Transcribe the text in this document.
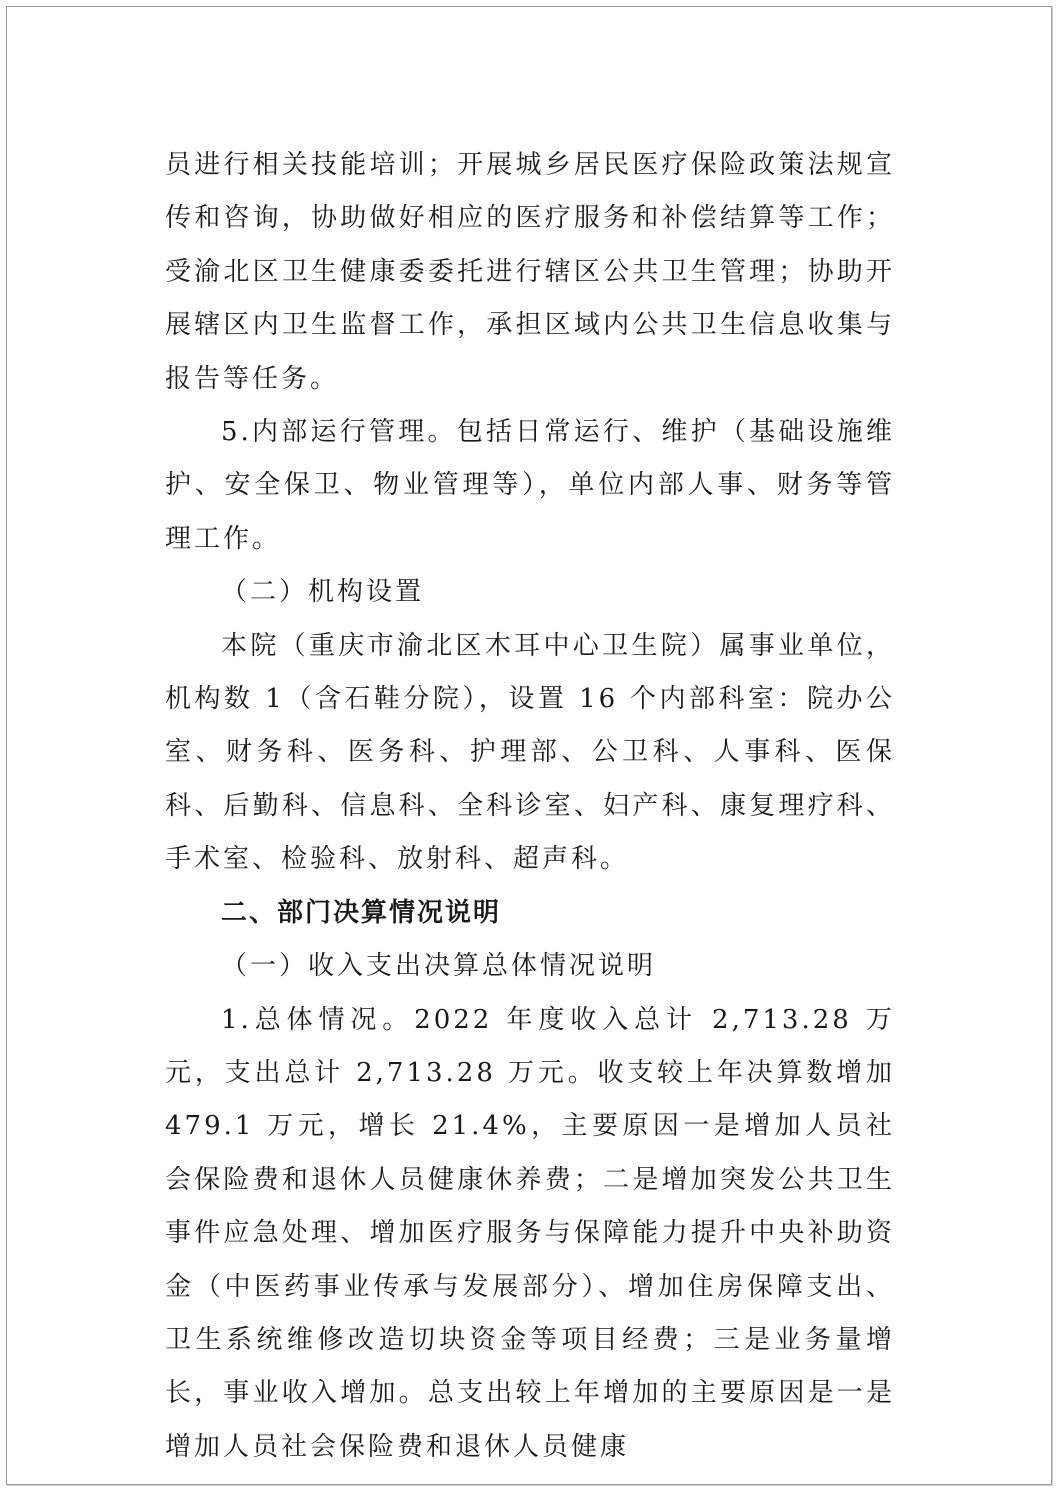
员进行相关技能培训；开展城乡居民医疗保险政策法规宣传和咨询，协助做好相应的医疗服务和补偿结算等工作；受渝北区卫生健康委委托进行辖区公共卫生管理；协助开展辖区内卫生监督工作，承担区域内公共卫生信息收集与报告等任务。

5.内部运行管理。包括日常运行、维护（基础设施维护、安全保卫、物业管理等），单位内部人事、财务等管理工作。

（二）机构设置

本院（重庆市渝北区木耳中心卫生院）属事业单位，机构数 1（含石鞋分院），设置 16 个内部科室：院办公室、财务科、医务科、护理部、公卫科、人事科、医保科、后勤科、信息科、全科诊室、妇产科、康复理疗科、手术室、检验科、放射科、超声科。

二、部门决算情况说明

（一）收入支出决算总体情况说明

1.总体情况。2022 年度收入总计 2,713.28 万元，支出总计 2,713.28 万元。收支较上年决算数增加 479.1 万元，增长 21.4%，主要原因一是增加人员社会保险费和退休人员健康休养费；二是增加突发公共卫生事件应急处理、增加医疗服务与保障能力提升中央补助资金（中医药事业传承与发展部分）、增加住房保障支出、卫生系统维修改造切块资金等项目经费；三是业务量增长，事业收入增加。总支出较上年增加的主要原因是一是增加人员社会保险费和退休人员健康
